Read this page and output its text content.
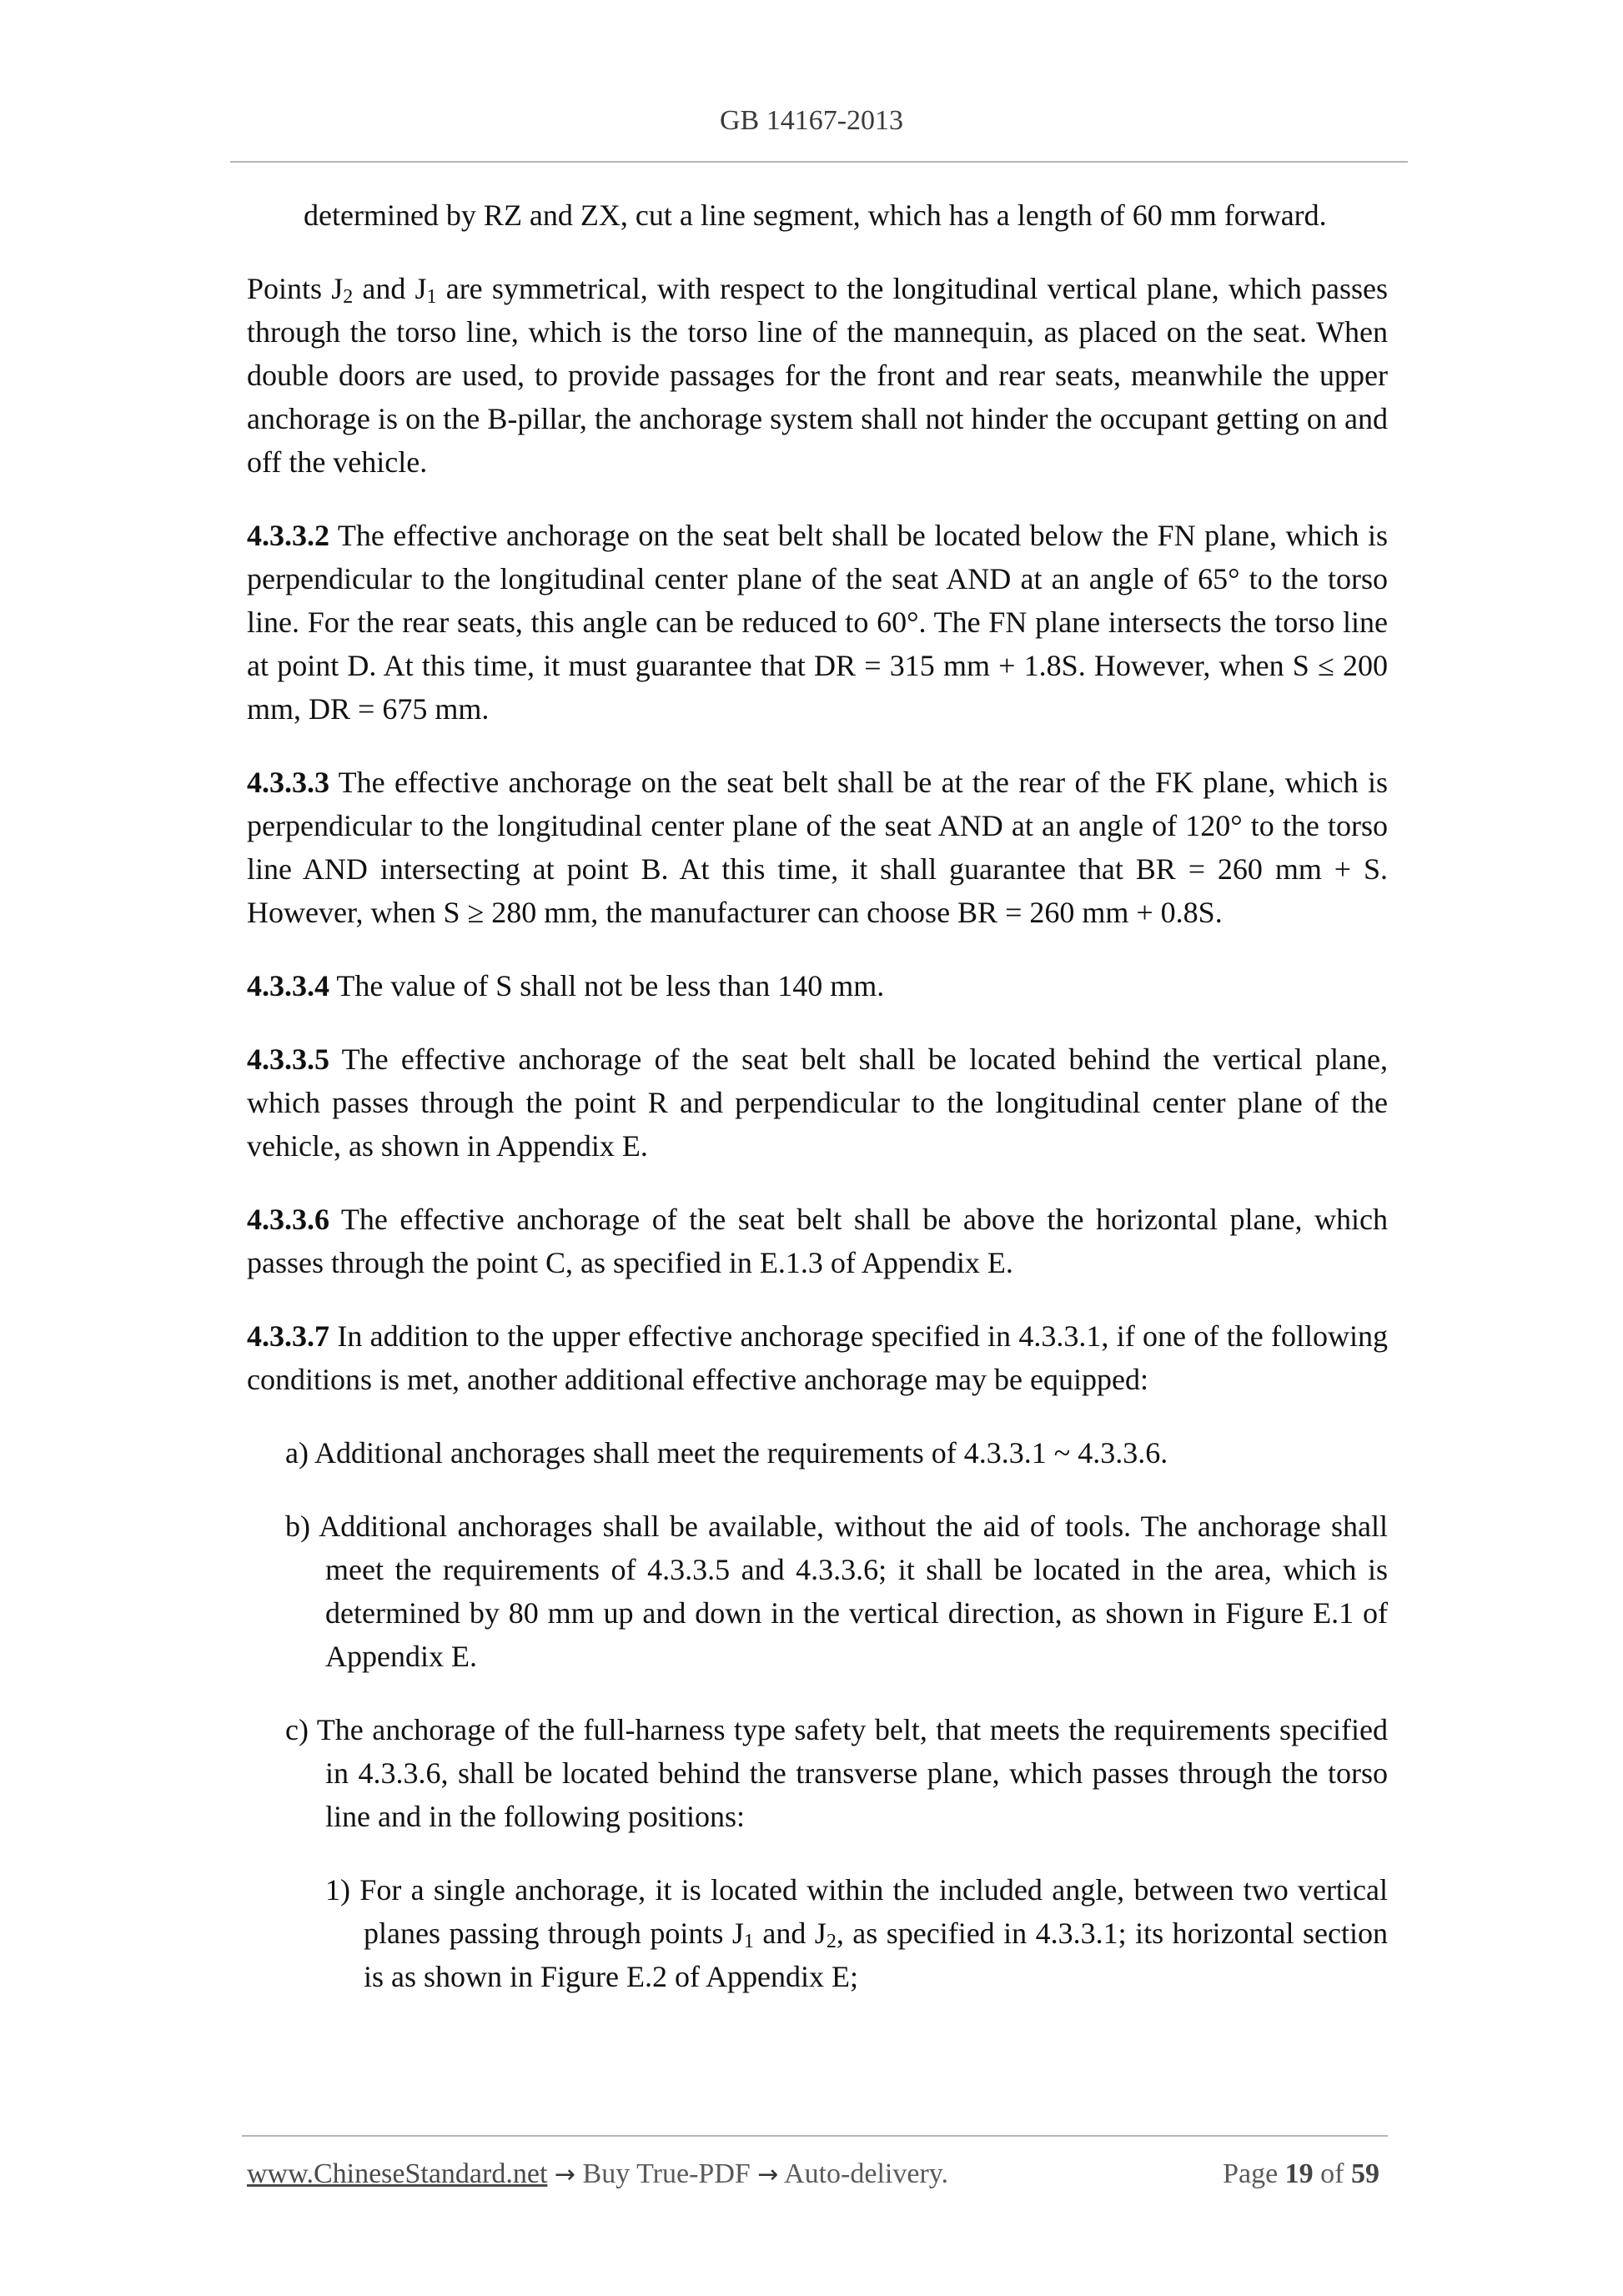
GB 14167-2013

determined by RZ and ZX, cut a line segment, which has a length of 60 mm forward.

Points $J_2$ and $J_1$ are symmetrical, with respect to the longitudinal vertical plane, which passes through the torso line, which is the torso line of the mannequin, as placed on the seat. When double doors are used, to provide passages for the front and rear seats, meanwhile the upper anchorage is on the B-pillar, the anchorage system shall not hinder the occupant getting on and off the vehicle.

4.3.3.2 The effective anchorage on the seat belt shall be located below the FN plane, which is perpendicular to the longitudinal center plane of the seat AND at an angle of 65° to the torso line. For the rear seats, this angle can be reduced to 60°. The FN plane intersects the torso line at point D. At this time, it must guarantee that DR = 315 mm + 1.8S. However, when S ≤ 200 mm, DR = 675 mm.

4.3.3.3 The effective anchorage on the seat belt shall be at the rear of the FK plane, which is perpendicular to the longitudinal center plane of the seat AND at an angle of 120° to the torso line AND intersecting at point B. At this time, it shall guarantee that BR = 260 mm + S. However, when S ≥ 280 mm, the manufacturer can choose BR = 260 mm + 0.8S.

4.3.3.4 The value of S shall not be less than 140 mm.

4.3.3.5 The effective anchorage of the seat belt shall be located behind the vertical plane, which passes through the point R and perpendicular to the longitudinal center plane of the vehicle, as shown in Appendix E.

4.3.3.6 The effective anchorage of the seat belt shall be above the horizontal plane, which passes through the point C, as specified in E.1.3 of Appendix E.

4.3.3.7 In addition to the upper effective anchorage specified in 4.3.3.1, if one of the following conditions is met, another additional effective anchorage may be equipped:

a) Additional anchorages shall meet the requirements of 4.3.3.1 ~ 4.3.3.6.

b) Additional anchorages shall be available, without the aid of tools. The anchorage shall meet the requirements of 4.3.3.5 and 4.3.3.6; it shall be located in the area, which is determined by 80 mm up and down in the vertical direction, as shown in Figure E.1 of Appendix E.

c) The anchorage of the full-harness type safety belt, that meets the requirements specified in 4.3.3.6, shall be located behind the transverse plane, which passes through the torso line and in the following positions:

1) For a single anchorage, it is located within the included angle, between two vertical planes passing through points $J_1$ and $J_2$, as specified in 4.3.3.1; its horizontal section is as shown in Figure E.2 of Appendix E;

www.ChineseStandard.net → Buy True-PDF → Auto-delivery.	Page 19 of 59
